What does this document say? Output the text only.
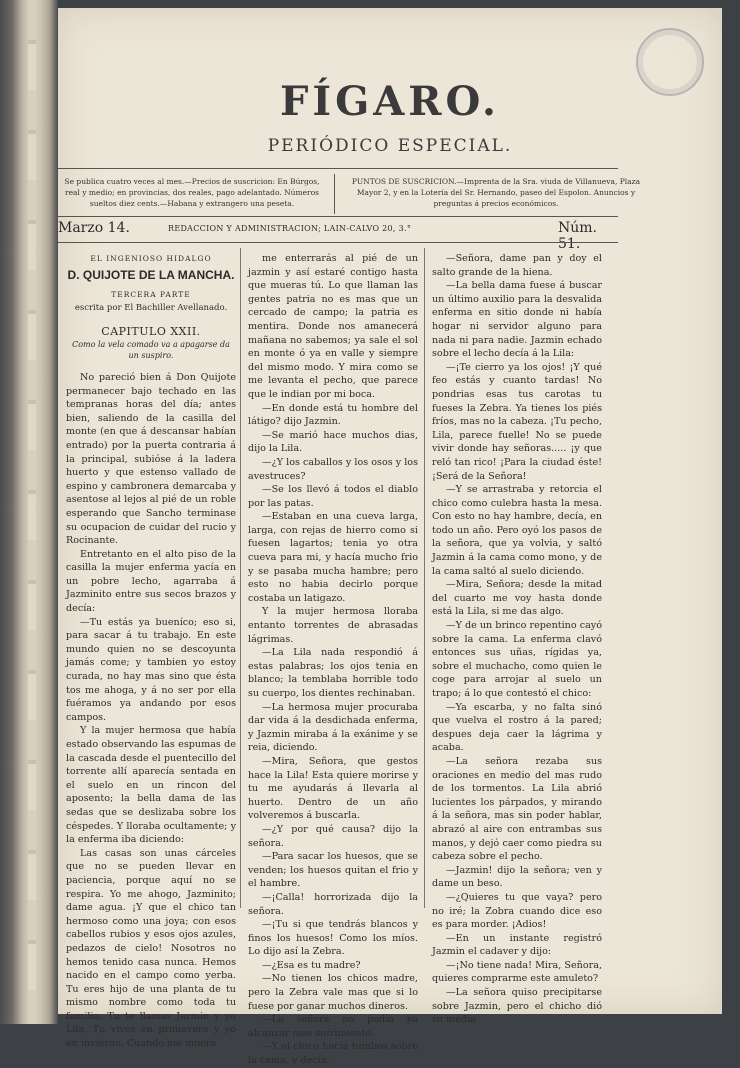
FÍGARO.
PERIÓDICO ESPECIAL.
Se publica cuatro veces al mes.—Precios de suscricion: En Búrgos, real y medio; en provincias, dos reales, pago adelantado. Números sueltos diez cents.—Habana y extrangero una peseta.
PUNTOS DE SUSCRICION.—Imprenta de la Sra. viuda de Villanueva, Plaza Mayor 2, y en la Lotería del Sr. Hernando, paseo del Espolon. Anuncios y preguntas á precios económicos.
Marzo 14.	REDACCION Y ADMINISTRACION; LAIN-CALVO 20, 3.°	Núm. 51.

EL INGENIOSO HIDALGO

D. QUIJOTE DE LA MANCHA.

TERCERA PARTE

escrita por El Bachiller Avellanado.

CAPITULO XXII.

Como la vela comado va a apagarse da un suspiro.

No pareció bien á Don Quijote permanecer bajo techado en las tempranas horas del día; antes bien, saliendo de la casilla del monte (en que á descansar habían entrado) por la puerta contraria á la principal, subióse á la ladera huerto y que estenso vallado de espino y cambronera demarcaba y asentose al lejos al pié de un roble esperando que Sancho terminase su ocupacion de cuidar del rucio y Rocinante.

Entretanto en el alto piso de la casilla la mujer enferma yacía en un pobre lecho, agarraba á Jazminito entre sus secos brazos y decía:

—Tu estás ya bueníco; eso si, para sacar á tu trabajo. En este mundo quien no se descoyunta jamás come; y tambien yo estoy curada, no hay mas sino que ésta tos me ahoga, y á no ser por ella fuéramos ya andando por esos campos.

Y la mujer hermosa que había estado observando las espumas de la cascada desde el puentecillo del torrente allí aparecía sentada en el suelo en un rincon del aposento; la bella dama de las sedas que se deslizaba sobre los céspedes. Y lloraba ocultamente; y la enferma iba diciendo:

Las casas son unas cárceles que no se pueden llevar en paciencia, porque aquí no se respira. Yo me ahogo, Jazminito; dame agua. ¡Y que el chico tan hermoso como una joya; con esos cabellos rubios y esos ojos azules, pedazos de cielo! Nosotros no hemos tenido casa nunca. Hemos nacido en el campo como yerba. Tu eres hijo de una planta de tu mismo nombre como toda tu familia. Tu te llamas Jazmin y yo Lila. Tu vives en primavera y yo en invierno. Cuando me muera

me enterrarás al pié de un jazmin y así estaré contigo hasta que mueras tú. Lo que llaman las gentes patria no es mas que un cercado de campo; la patria es mentira. Donde nos amanecerá mañana no sabemos; ya sale el sol en monte ó ya en valle y siempre del mismo modo. Y mira como se me levanta el pecho, que parece que le indian por mi boca.

—En donde está tu hombre del látigo? dijo Jazmin.

—Se marió hace muchos dias, dijo la Lila.

—¿Y los caballos y los osos y los avestruces?

—Se los llevó á todos el diablo por las patas.

—Estaban en una cueva larga, larga, con rejas de hierro como si fuesen lagartos; tenia yo otra cueva para mi, y hacía mucho frio y se pasaba mucha hambre; pero esto no habia decirlo porque costaba un latigazo.

Y la mujer hermosa lloraba entanto torrentes de abrasadas lágrimas.

—La Lila nada respondió á estas palabras; los ojos tenia en blanco; la temblaba horrible todo su cuerpo, los dientes rechinaban.

—La hermosa mujer procuraba dar vida á la desdichada enferma, y Jazmin miraba á la exánime y se reia, diciendo.

—Mira, Señora, que gestos hace la Lila! Esta quiere morirse y tu me ayudarás á llevarla al huerto. Dentro de un año volveremos á buscarla.

—¿Y por qué causa? dijo la señora.

—Para sacar los huesos, que se venden; los huesos quitan el frio y el hambre.

—¡Calla! horrorizada dijo la señora.

—¡Tu si que tendrás blancos y finos los huesos! Como los míos. Lo dijo así la Zebra.

—¿Esa es tu madre?

—No tienen los chicos madre, pero la Zebra vale mas que si lo fuese por ganar muchos dineros.

—La señora no podia ya alcanzar mas sufrimiento.

—Y el chico hacía tumbos sobre la cama, y decía:

—Señora, dame pan y doy el salto grande de la hiena.

—La bella dama fuese á buscar un último auxilio para la desvalida enferma en sitio donde ni había hogar ni servidor alguno para nada ni para nadie. Jazmin echado sobre el lecho decía á la Lila:

—¡Te cierro ya los ojos! ¡Y qué feo estás y cuanto tardas! No pondrias esas tus carotas tu fueses la Zebra. Ya tienes los piés fríos, mas no la cabeza. ¡Tu pecho, Lila, parece fuelle! No se puede vivir donde hay señoras..... ¡y que reló tan rico! ¡Para la ciudad éste! ¡Será de la Señora!

—Y se arrastraba y retorcia el chico como culebra hasta la mesa. Con esto no hay hambre, decía, en todo un año. Pero oyó los pasos de la señora, que ya volvia, y saltó Jazmin á la cama como mono, y de la cama saltó al suelo diciendo.

—Mira, Señora; desde la mitad del cuarto me voy hasta donde está la Lila, si me das algo.

—Y de un brinco repentino cayó sobre la cama. La enferma clavó entonces sus uñas, rígidas ya, sobre el muchacho, como quien le coge para arrojar al suelo un trapo; á lo que contestó el chico:

—Ya escarba, y no falta sinó que vuelva el rostro á la pared; despues deja caer la lágrima y acaba.

—La señora rezaba sus oraciones en medio del mas rudo de los tormentos. La Lila abrió lucientes los párpados, y mirando á la señora, mas sin poder hablar, abrazó al aire con entrambas sus manos, y dejó caer como piedra su cabeza sobre el pecho.

—Jazmin! dijo la señora; ven y dame un beso.

—¿Quieres tu que vaya? pero no iré; la Zobra cuando dice eso es para morder. ¡Adios!

—En un instante registró Jazmin el cadaver y dijo:

—¡No tiene nada! Mira, Señora, quieres comprarme este amuleto?

—La señora quiso precipitarse sobre Jazmin, pero el chicho dió su media
